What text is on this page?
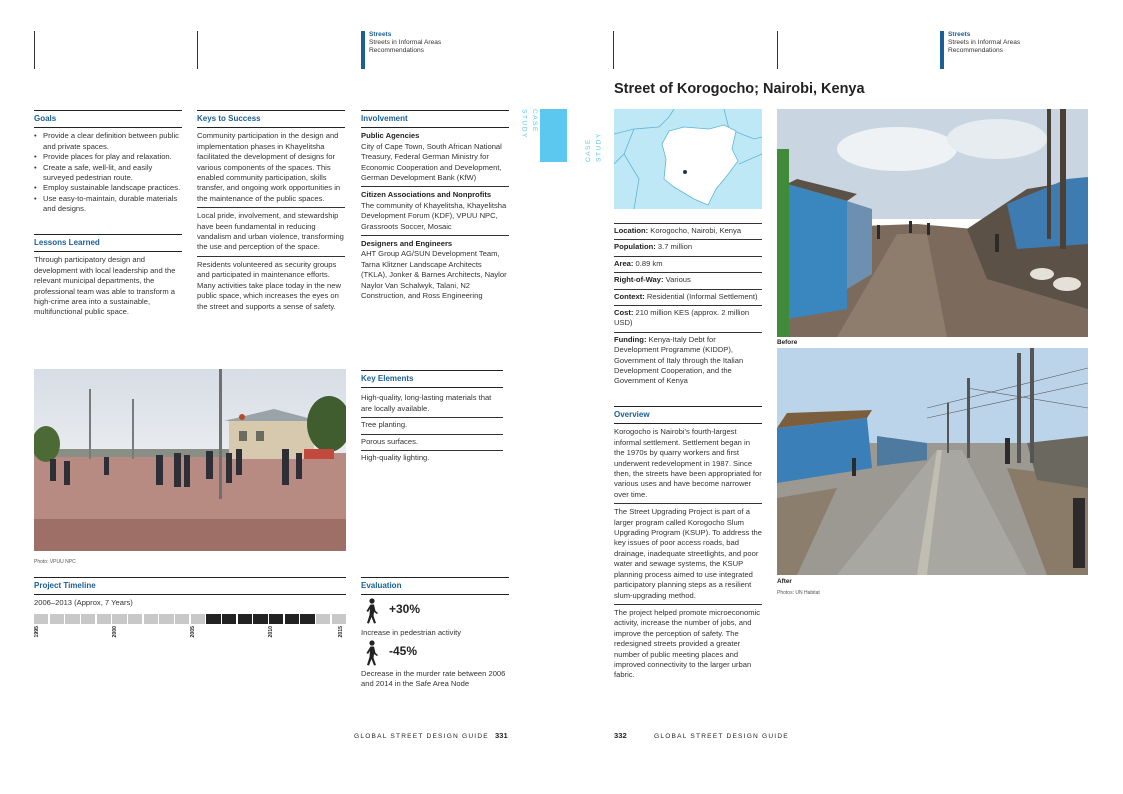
Streets
Streets in Informal Areas
Recommendations
Streets
Streets in Informal Areas
Recommendations
Street of Korogocho; Nairobi, Kenya
CASE STUDY
CASE STUDY
Goals
• Provide a clear definition between public and private spaces.
• Provide places for play and relaxation.
• Create a safe, well-lit, and easily surveyed pedestrian route.
• Employ sustainable landscape practices.
• Use easy-to-maintain, durable materials and designs.
Lessons Learned
Through participatory design and development with local leadership and the relevant municipal departments, the professional team was able to transform a high-crime area into a sustainable, multifunctional public space.
Keys to Success
Community participation in the design and implementation phases in Khayelitsha facilitated the development of designs for various components of the spaces. This enabled community participation, skills transfer, and ongoing work opportunities in the maintenance of the public spaces.
Local pride, involvement, and stewardship have been fundamental in reducing vandalism and urban violence, transforming the use and perception of the space.
Residents volunteered as security groups and participated in maintenance efforts. Many activities take place today in the new public space, which increases the eyes on the street and supports a sense of safety.
Involvement
Public Agencies
City of Cape Town, South African National Treasury, Federal German Ministry for Economic Cooperation and Development, German Development Bank (KfW)
Citizen Associations and Nonprofits
The community of Khayelitsha, Khayelitsha Development Forum (KDF), VPUU NPC, Grassroots Soccer, Mosaic
Designers and Engineers
AHT Group AG/SUN Development Team, Tarna Klitzner Landscape Architects (TKLA), Jonker & Barnes Architects, Naylor Naylor Van Schalwyk, Talani, N2 Construction, and Ross Engineering
Key Elements
High-quality, long-lasting materials that are locally available.
Tree planting.
Porous surfaces.
High-quality lighting.
Photo: VPUU NPC
Project Timeline
2006–2013 (Approx, 7 Years)
1995	2000	2005	2010	2015
Evaluation
+30%
Increase in pedestrian activity
-45%
Decrease in the murder rate between 2006 and 2014 in the Safe Area Node
Location: Korogocho, Nairobi, Kenya
Population: 3.7 million
Area: 0.89 km
Right-of-Way: Various
Context: Residential (Informal Settlement)
Cost: 210 million KES (approx. 2 million USD)
Funding: Kenya-Italy Debt for Development Programme (KIDDP), Government of Italy through the Italian Development Cooperation, and the Government of Kenya
Overview
Korogocho is Nairobi's fourth-largest informal settlement. Settlement began in the 1970s by quarry workers and first underwent redevelopment in 1987. Since then, the streets have been appropriated for various uses and have become narrower over time.
The Street Upgrading Project is part of a larger program called Korogocho Slum Upgrading Program (KSUP). To address the key issues of poor access roads, bad drainage, inadequate streetlights, and poor water and sewage systems, the KSUP planning process aimed to use integrated participatory planning steps as a resilient slum-upgrading method.
The project helped promote microeconomic activity, increase the number of jobs, and improve the perception of safety. The redesigned streets provided a greater number of public meeting places and improved connectivity to the larger urban fabric.
Before
After
Photos: UN Habitat
GLOBAL STREET DESIGN GUIDE 331	332	GLOBAL STREET DESIGN GUIDE
